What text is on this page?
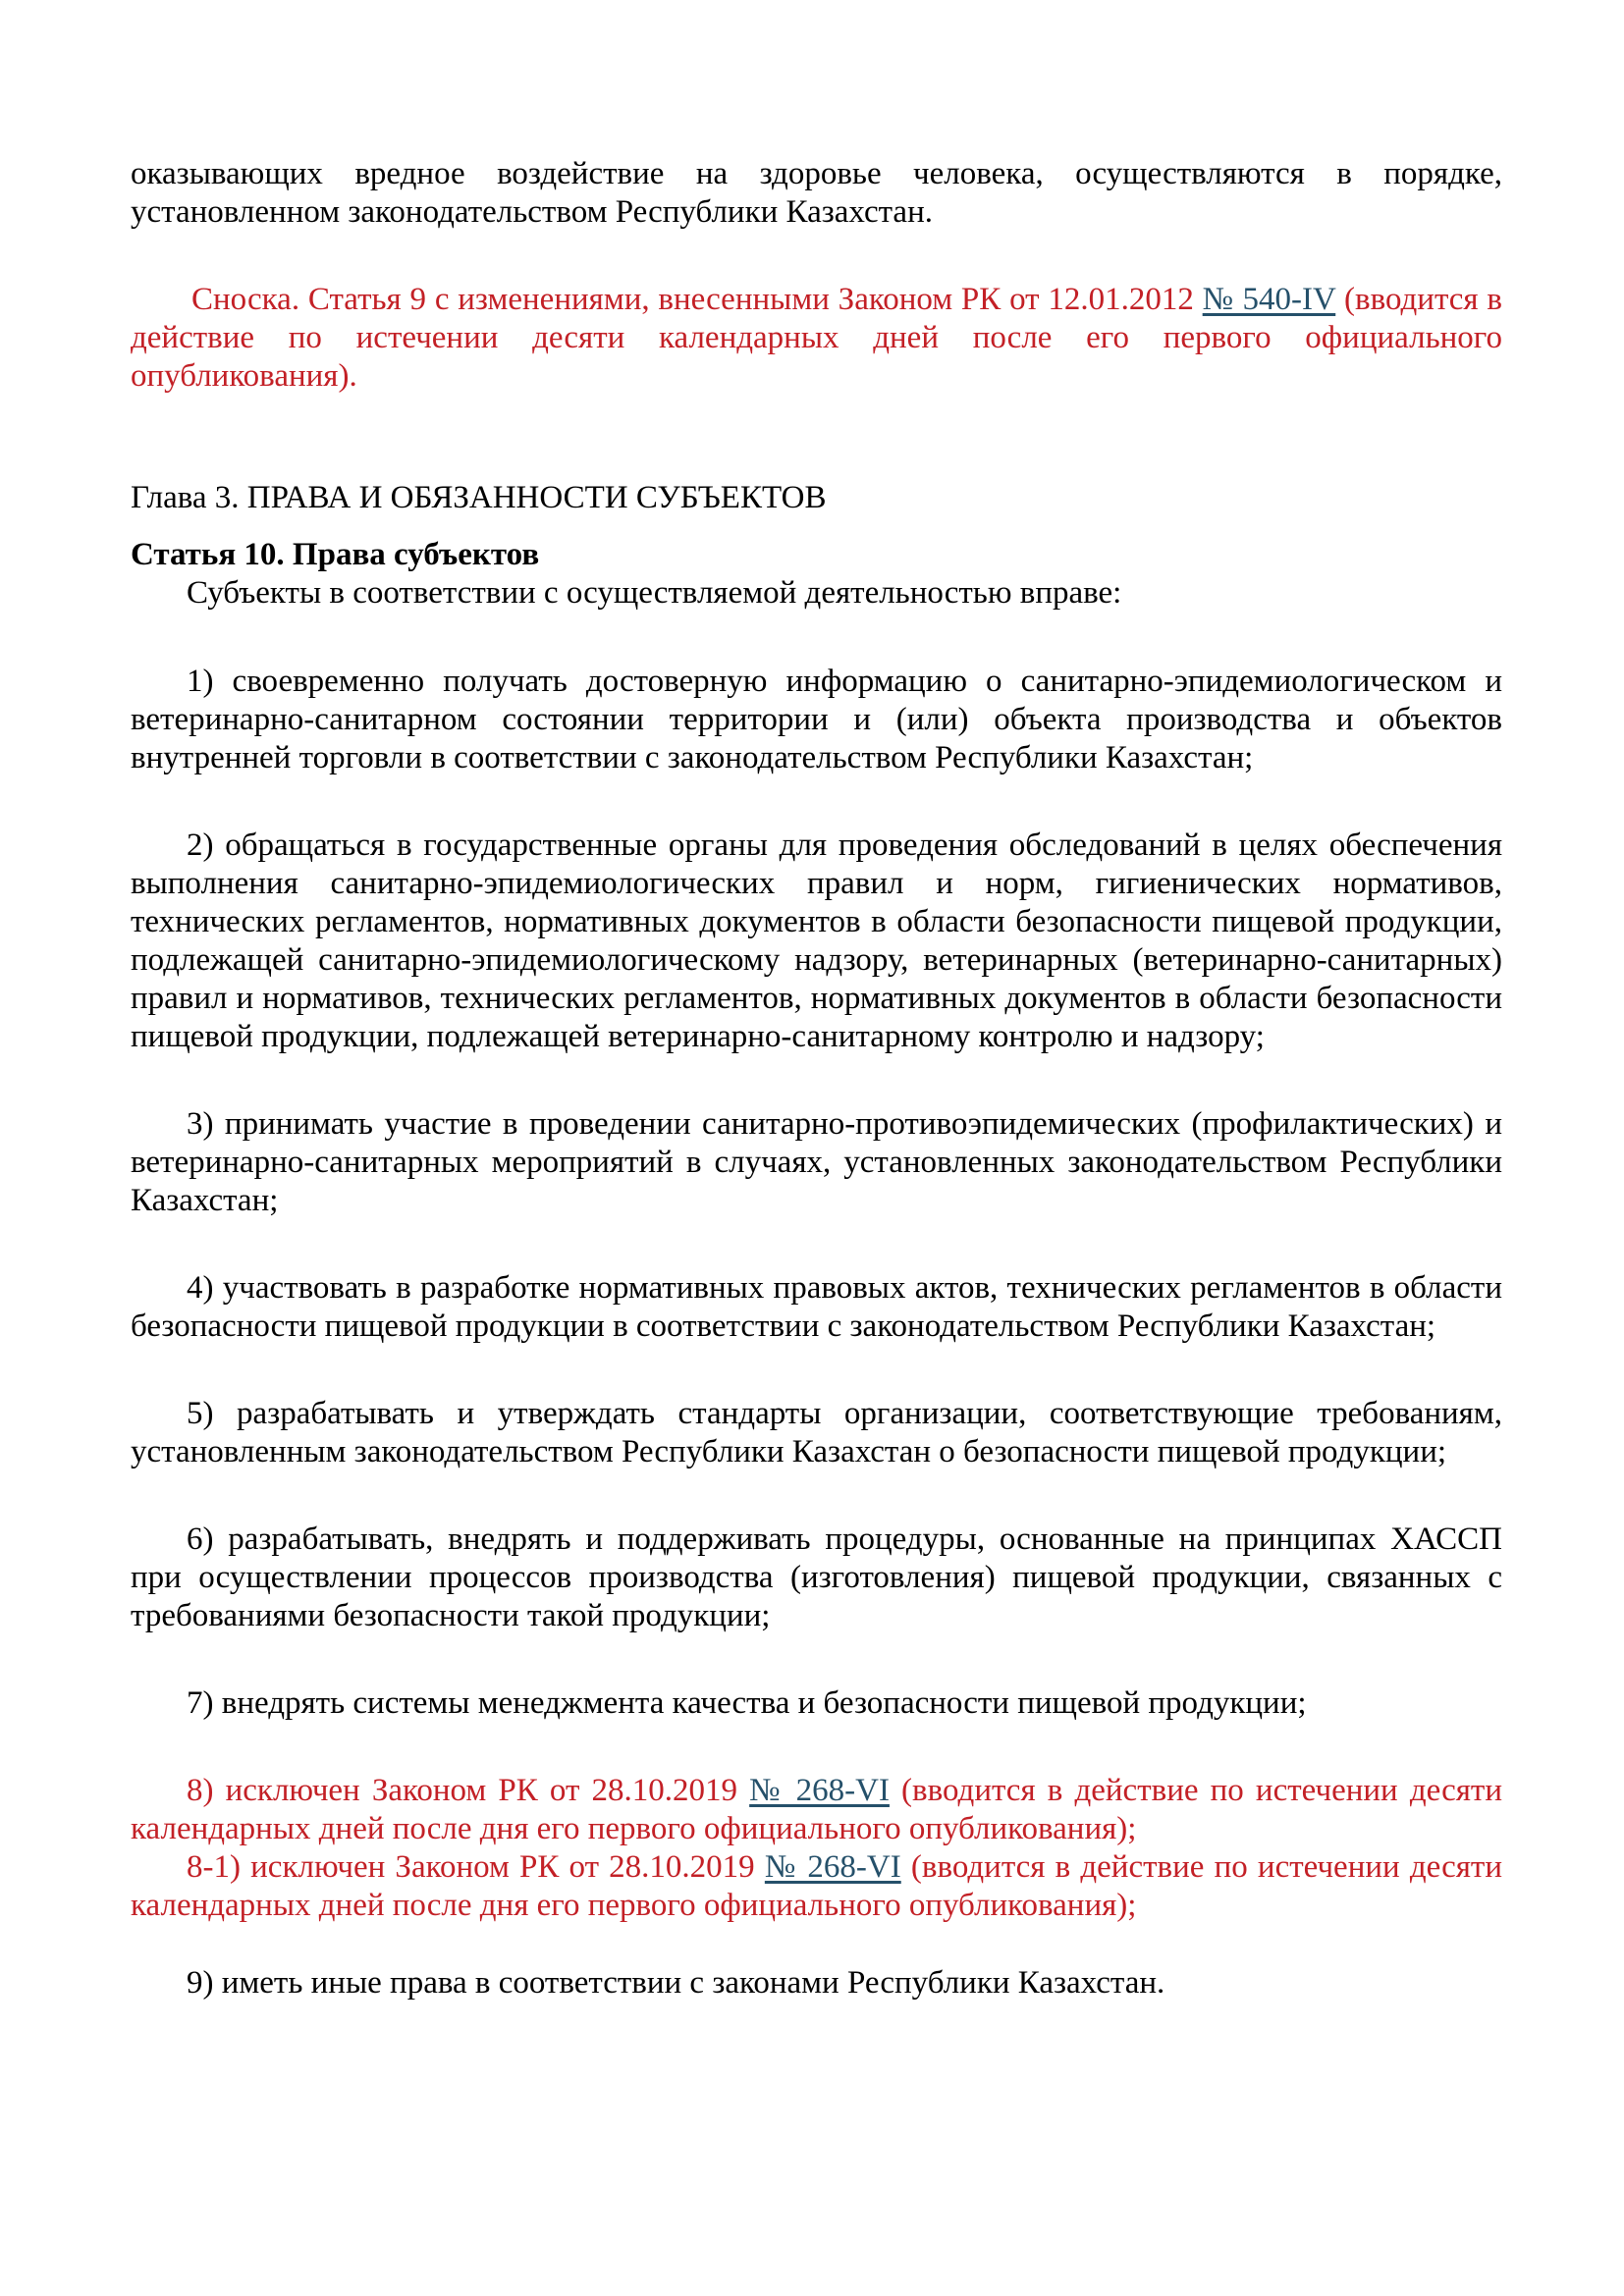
оказывающих вредное воздействие на здоровье человека, осуществляются в порядке, установленном законодательством Республики Казахстан.

Сноска. Статья 9 с изменениями, внесенными Законом РК от 12.01.2012 № 540-IV (вводится в действие по истечении десяти календарных дней после его первого официального опубликования).

Глава 3. ПРАВА И ОБЯЗАННОСТИ СУБЪЕКТОВ

Статья 10. Права субъектов

Субъекты в соответствии с осуществляемой деятельностью вправе:

1) своевременно получать достоверную информацию о санитарно-эпидемиологическом и ветеринарно-санитарном состоянии территории и (или) объекта производства и объектов внутренней торговли в соответствии с законодательством Республики Казахстан;

2) обращаться в государственные органы для проведения обследований в целях обеспечения выполнения санитарно-эпидемиологических правил и норм, гигиенических нормативов, технических регламентов, нормативных документов в области безопасности пищевой продукции, подлежащей санитарно-эпидемиологическому надзору, ветеринарных (ветеринарно-санитарных) правил и нормативов, технических регламентов, нормативных документов в области безопасности пищевой продукции, подлежащей ветеринарно-санитарному контролю и надзору;

3) принимать участие в проведении санитарно-противоэпидемических (профилактических) и ветеринарно-санитарных мероприятий в случаях, установленных законодательством Республики Казахстан;

4) участвовать в разработке нормативных правовых актов, технических регламентов в области безопасности пищевой продукции в соответствии с законодательством Республики Казахстан;

5) разрабатывать и утверждать стандарты организации, соответствующие требованиям, установленным законодательством Республики Казахстан о безопасности пищевой продукции;

6) разрабатывать, внедрять и поддерживать процедуры, основанные на принципах ХАССП при осуществлении процессов производства (изготовления) пищевой продукции, связанных с требованиями безопасности такой продукции;

7) внедрять системы менеджмента качества и безопасности пищевой продукции;

8) исключен Законом РК от 28.10.2019 № 268-VI (вводится в действие по истечении десяти календарных дней после дня его первого официального опубликования);

8-1) исключен Законом РК от 28.10.2019 № 268-VI (вводится в действие по истечении десяти календарных дней после дня его первого официального опубликования);

9) иметь иные права в соответствии с законами Республики Казахстан.
